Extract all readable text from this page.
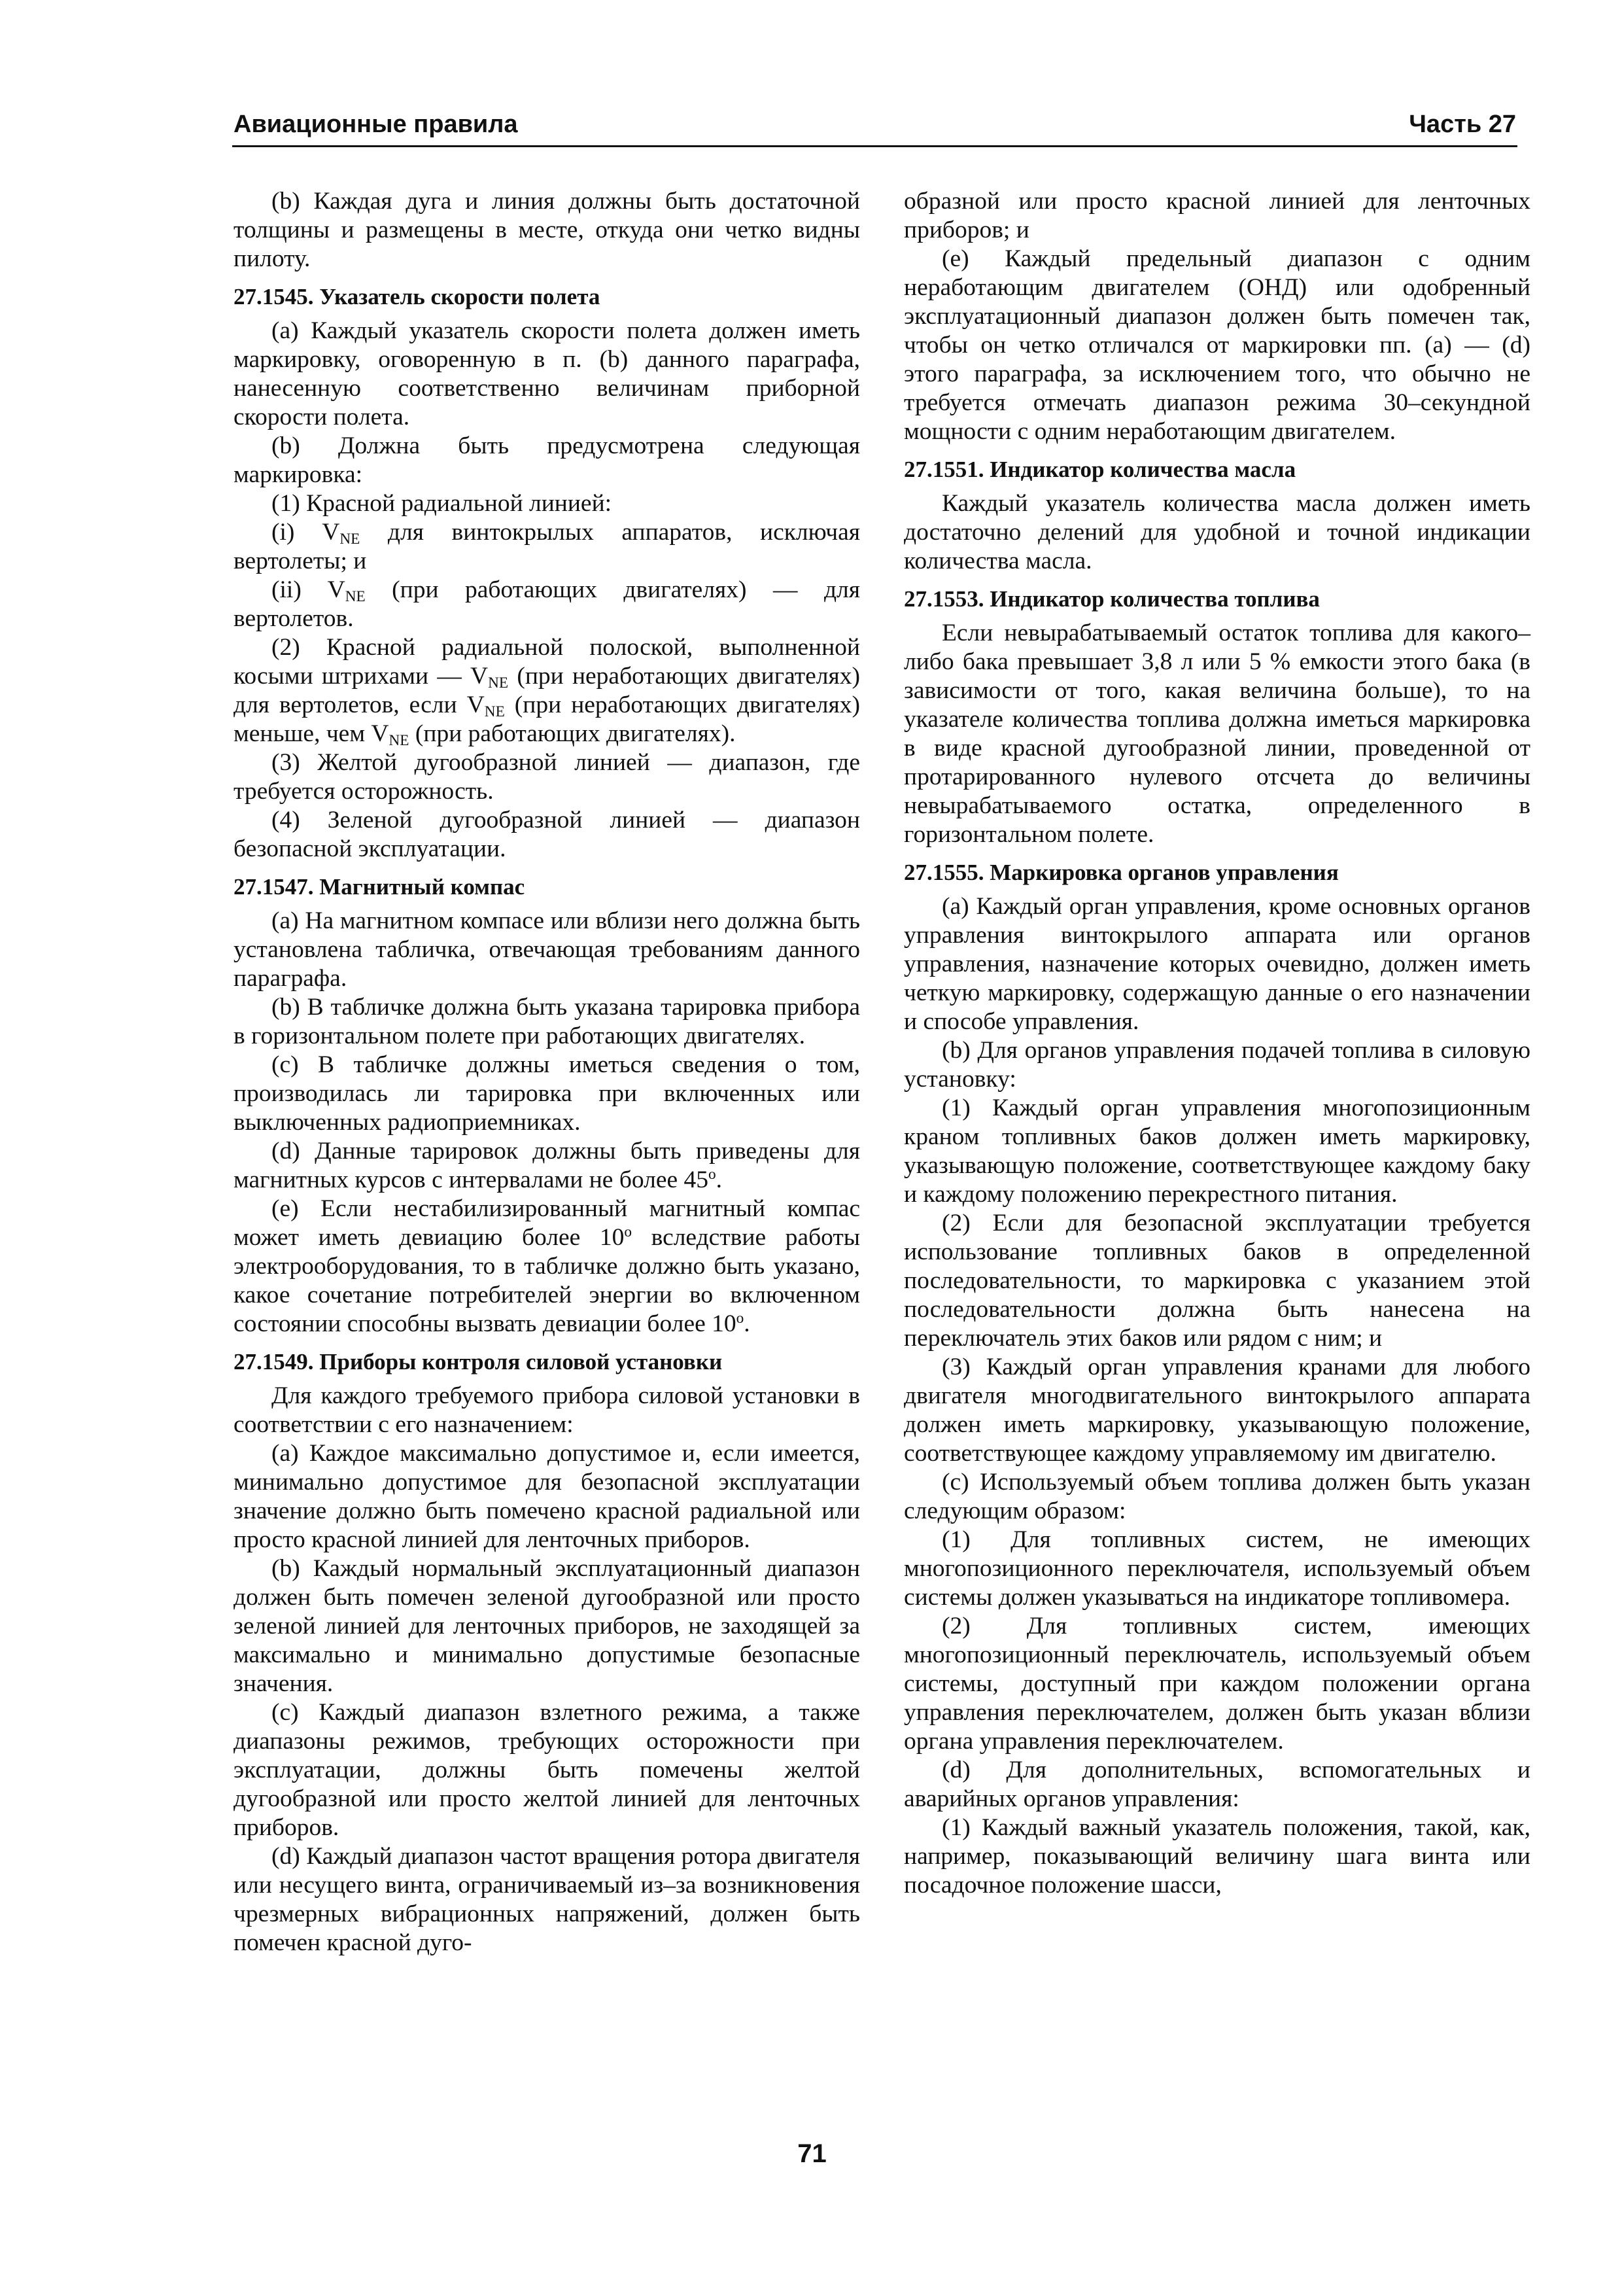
Авиационные правила	Часть 27

(b) Каждая дуга и линия должны быть достаточной толщины и размещены в месте, откуда они четко видны пилоту.

27.1545. Указатель скорости полета

(a) Каждый указатель скорости полета должен иметь маркировку, оговоренную в п. (b) данного параграфа, нанесенную соответственно величинам приборной скорости полета.

(b) Должна быть предусмотрена следующая маркировка:

(1) Красной радиальной линией:

(i) $V_{NE}$ для винтокрылых аппаратов, исключая вертолеты; и

(ii) $V_{NE}$ (при работающих двигателях) — для вертолетов.

(2) Красной радиальной полоской, выполненной косыми штрихами — $V_{NE}$ (при неработающих двигателях) для вертолетов, если $V_{NE}$ (при неработающих двигателях) меньше, чем $V_{NE}$ (при работающих двигателях).

(3) Желтой дугообразной линией — диапазон, где требуется осторожность.

(4) Зеленой дугообразной линией — диапазон безопасной эксплуатации.

27.1547. Магнитный компас

(a) На магнитном компасе или вблизи него должна быть установлена табличка, отвечающая требованиям данного параграфа.

(b) В табличке должна быть указана тарировка прибора в горизонтальном полете при работающих двигателях.

(c) В табличке должны иметься сведения о том, производилась ли тарировка при включенных или выключенных радиоприемниках.

(d) Данные тарировок должны быть приведены для магнитных курсов с интервалами не более 45$^o$.

(e) Если нестабилизированный магнитный компас может иметь девиацию более 10$^o$ вследствие работы электрооборудования, то в табличке должно быть указано, какое сочетание потребителей энергии во включенном состоянии способны вызвать девиации более 10$^o$.

27.1549. Приборы контроля силовой установки

Для каждого требуемого прибора силовой установки в соответствии с его назначением:

(a) Каждое максимально допустимое и, если имеется, минимально допустимое для безопасной эксплуатации значение должно быть помечено красной радиальной или просто красной линией для ленточных приборов.

(b) Каждый нормальный эксплуатационный диапазон должен быть помечен зеленой дугообразной или просто зеленой линией для ленточных приборов, не заходящей за максимально и минимально допустимые безопасные значения.

(c) Каждый диапазон взлетного режима, а также диапазоны режимов, требующих осторожности при эксплуатации, должны быть помечены желтой дугообразной или просто желтой линией для ленточных приборов.

(d) Каждый диапазон частот вращения ротора двигателя или несущего винта, ограничиваемый из–за возникновения чрезмерных вибрационных напряжений, должен быть помечен красной дуго-

образной или просто красной линией для ленточных приборов; и

(e) Каждый предельный диапазон с одним неработающим двигателем (ОНД) или одобренный эксплуатационный диапазон должен быть помечен так, чтобы он четко отличался от маркировки пп. (a) — (d) этого параграфа, за исключением того, что обычно не требуется отмечать диапазон режима 30–секундной мощности с одним неработающим двигателем.

27.1551. Индикатор количества масла

Каждый указатель количества масла должен иметь достаточно делений для удобной и точной индикации количества масла.

27.1553. Индикатор количества топлива

Если невырабатываемый остаток топлива для какого–либо бака превышает 3,8 л или 5 % емкости этого бака (в зависимости от того, какая величина больше), то на указателе количества топлива должна иметься маркировка в виде красной дугообразной линии, проведенной от протарированного нулевого отсчета до величины невырабатываемого остатка, определенного в горизонтальном полете.

27.1555. Маркировка органов управления

(a) Каждый орган управления, кроме основных органов управления винтокрылого аппарата или органов управления, назначение которых очевидно, должен иметь четкую маркировку, содержащую данные о его назначении и способе управления.

(b) Для органов управления подачей топлива в силовую установку:

(1) Каждый орган управления многопозиционным краном топливных баков должен иметь маркировку, указывающую положение, соответствующее каждому баку и каждому положению перекрестного питания.

(2) Если для безопасной эксплуатации требуется использование топливных баков в определенной последовательности, то маркировка с указанием этой последовательности должна быть нанесена на переключатель этих баков или рядом с ним; и

(3) Каждый орган управления кранами для любого двигателя многодвигательного винтокрылого аппарата должен иметь маркировку, указывающую положение, соответствующее каждому управляемому им двигателю.

(c) Используемый объем топлива должен быть указан следующим образом:

(1) Для топливных систем, не имеющих многопозиционного переключателя, используемый объем системы должен указываться на индикаторе топливомера.

(2) Для топливных систем, имеющих многопозиционный переключатель, используемый объем системы, доступный при каждом положении органа управления переключателем, должен быть указан вблизи органа управления переключателем.

(d) Для дополнительных, вспомогательных и аварийных органов управления:

(1) Каждый важный указатель положения, такой, как, например, показывающий величину шага винта или посадочное положение шасси,

71
